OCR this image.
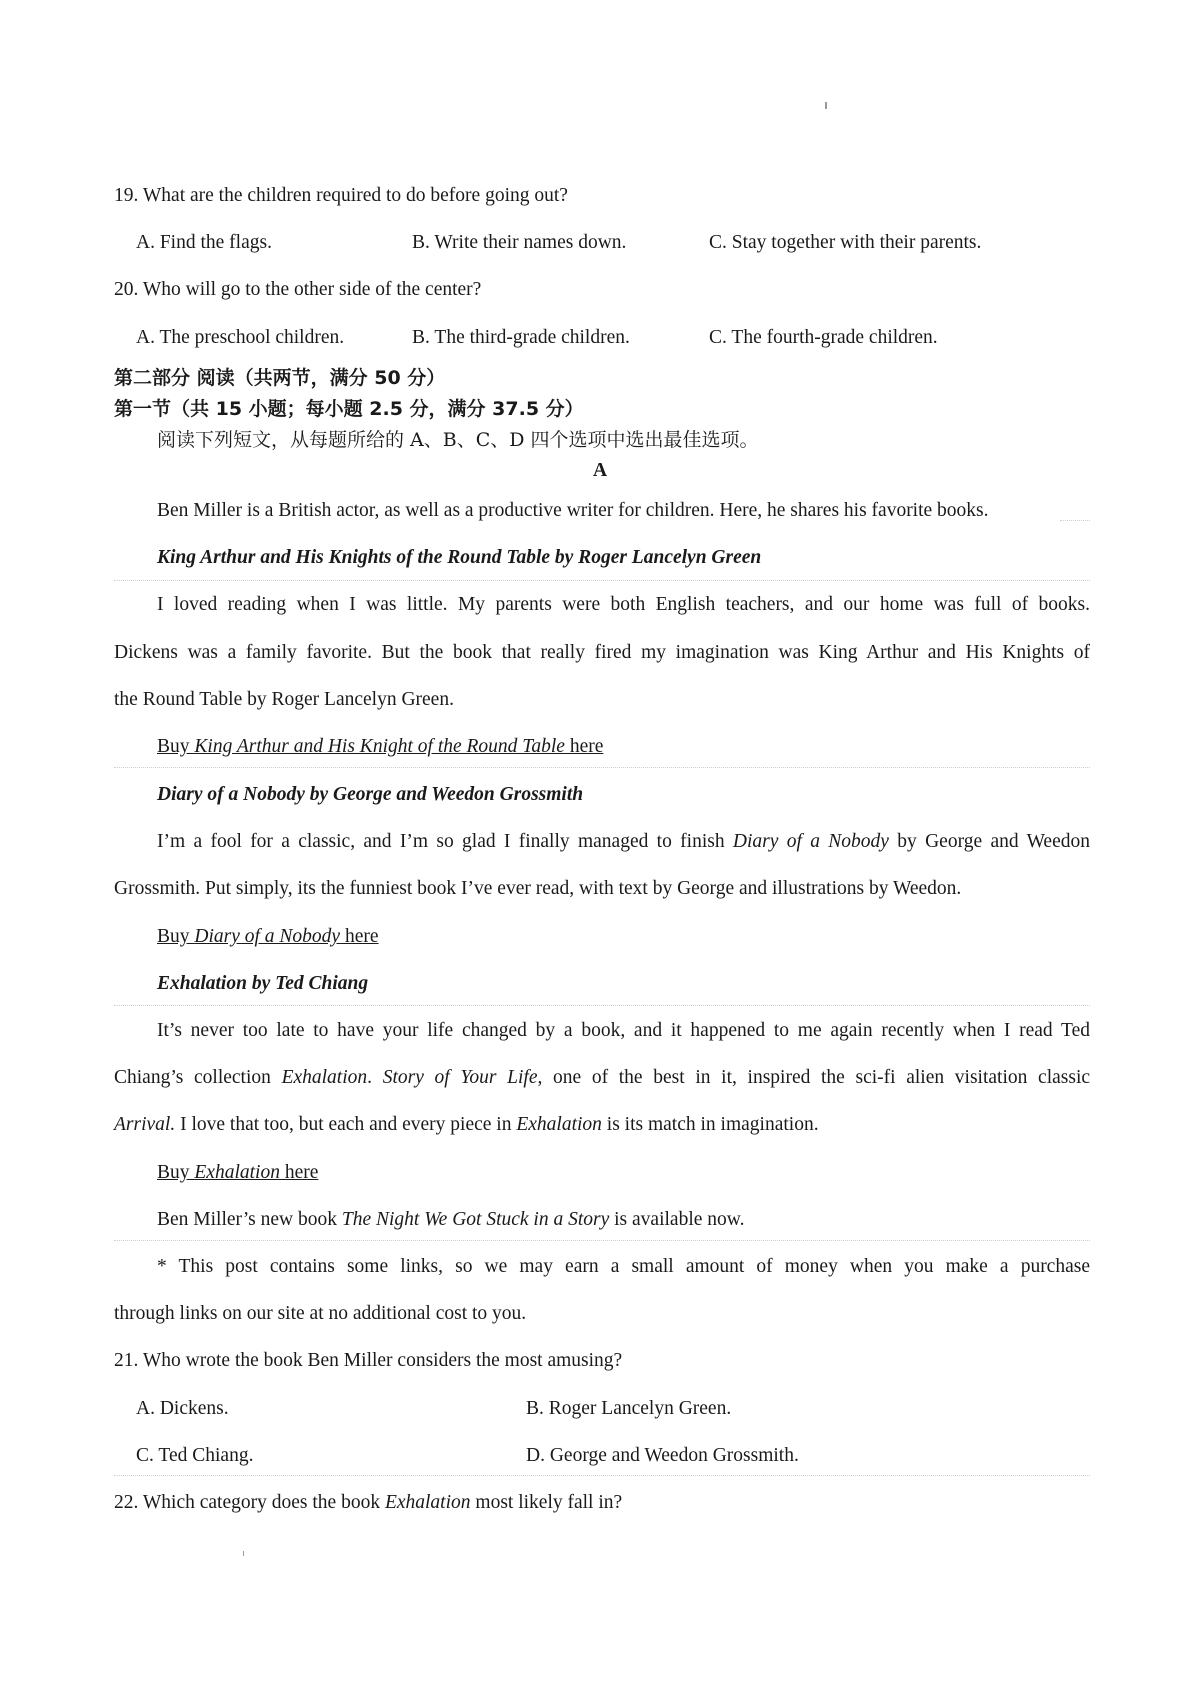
19. What are the children required to do before going out?
A. Find the flags.	B. Write their names down.	C. Stay together with their parents.
20. Who will go to the other side of the center?
A. The preschool children.	B. The third-grade children.	C. The fourth-grade children.
第二部分 阅读（共两节，满分 50 分）
第一节（共 15 小题；每小题 2.5 分，满分 37.5 分）
阅读下列短文，从每题所给的 A、B、C、D 四个选项中选出最佳选项。
A
Ben Miller is a British actor, as well as a productive writer for children. Here, he shares his favorite books.
King Arthur and His Knights of the Round Table by Roger Lancelyn Green
I loved reading when I was little. My parents were both English teachers, and our home was full of books.
Dickens was a family favorite. But the book that really fired my imagination was King Arthur and His Knights of
the Round Table by Roger Lancelyn Green.
Buy King Arthur and His Knight of the Round Table here
Diary of a Nobody by George and Weedon Grossmith
I’m a fool for a classic, and I’m so glad I finally managed to finish Diary of a Nobody by George and Weedon
Grossmith. Put simply, its the funniest book I’ve ever read, with text by George and illustrations by Weedon.
Buy Diary of a Nobody here
Exhalation by Ted Chiang
It’s never too late to have your life changed by a book, and it happened to me again recently when I read Ted
Chiang’s collection Exhalation. Story of Your Life, one of the best in it, inspired the sci-fi alien visitation classic
Arrival. I love that too, but each and every piece in Exhalation is its match in imagination.
Buy Exhalation here
Ben Miller’s new book The Night We Got Stuck in a Story is available now.
* This post contains some links, so we may earn a small amount of money when you make a purchase
through links on our site at no additional cost to you.
21. Who wrote the book Ben Miller considers the most amusing?
A. Dickens.	B. Roger Lancelyn Green.
C. Ted Chiang.	D. George and Weedon Grossmith.
22. Which category does the book Exhalation most likely fall in?
